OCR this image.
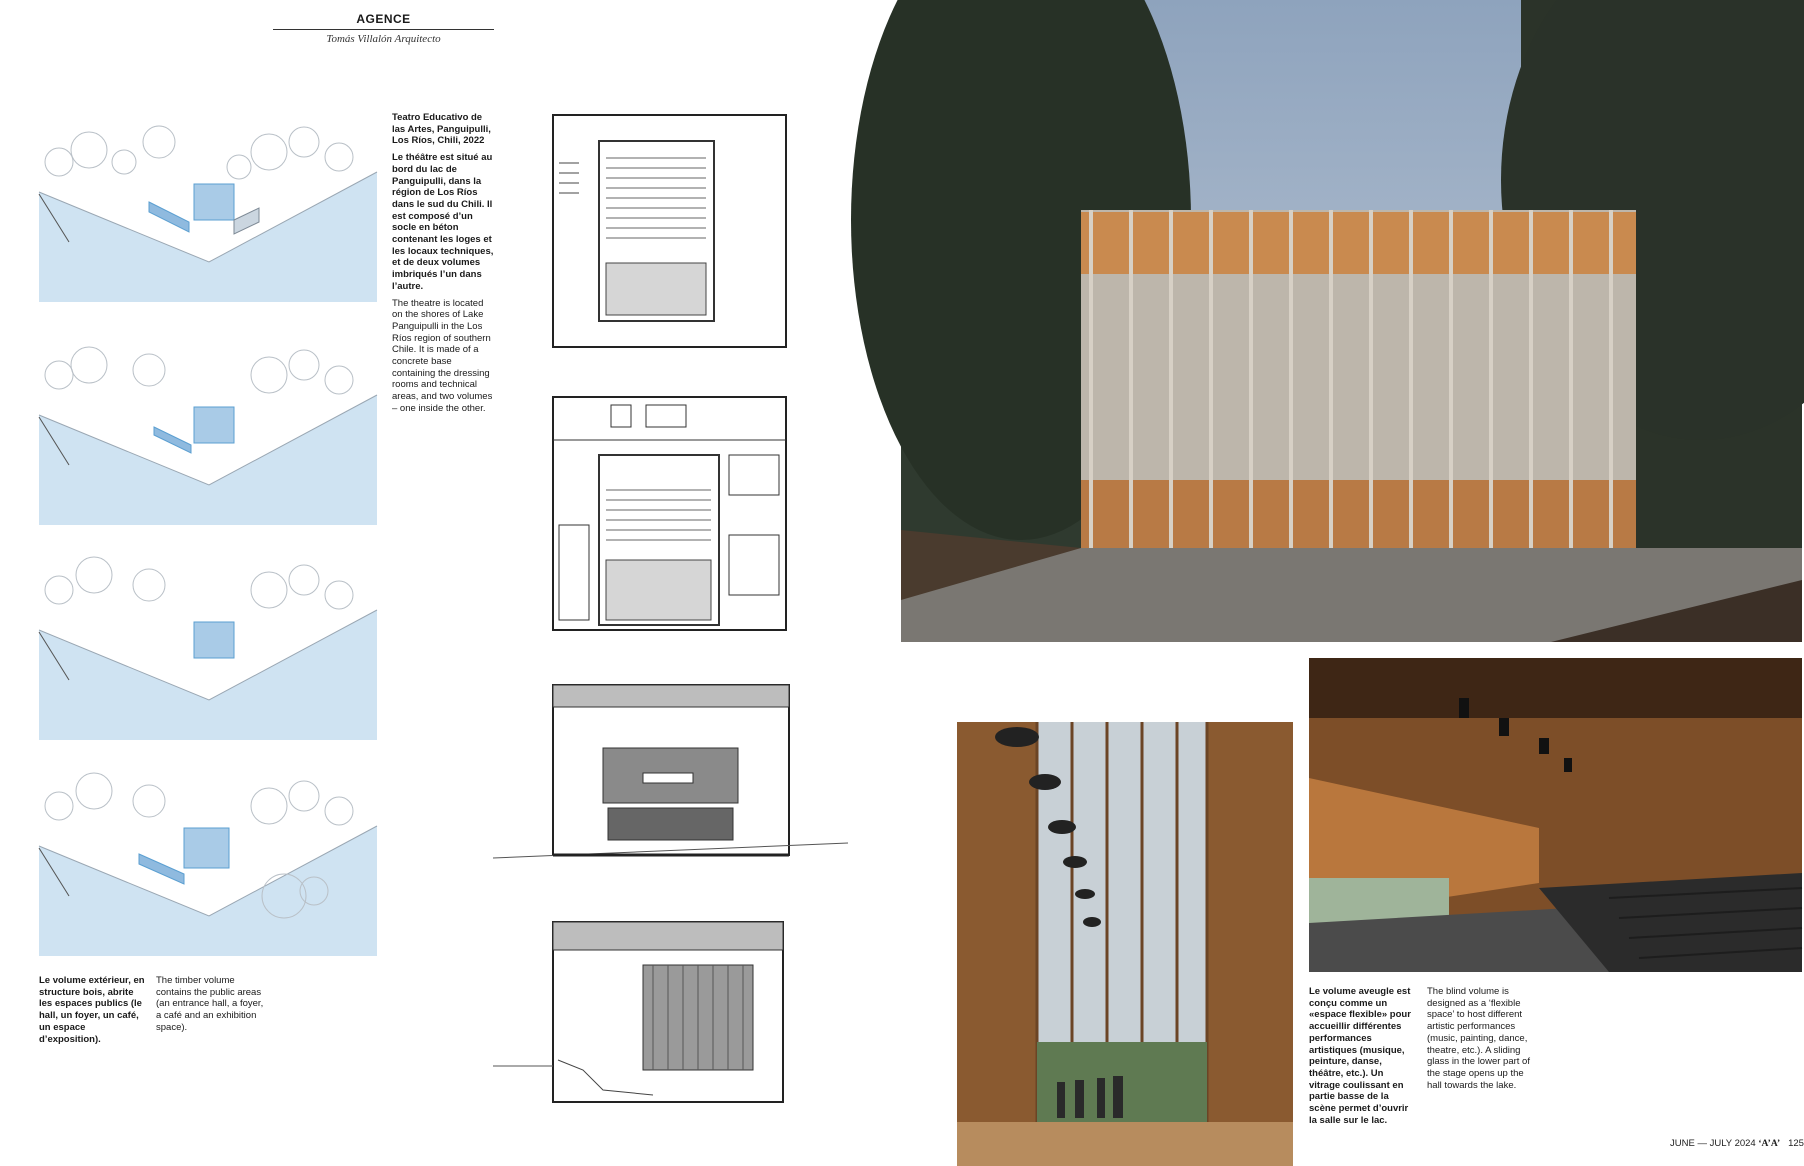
AGENCE
Tomás Villalón Arquitecto

Teatro Educativo de las Artes, Panguipulli, Los Ríos, Chili, 2022

Le théâtre est situé au bord du lac de Panguipulli, dans la région de Los Ríos dans le sud du Chili. Il est composé d’un socle en béton contenant les loges et les locaux techniques, et de deux volumes imbriqués l’un dans l’autre.

The theatre is located on the shores of Lake Panguipulli in the Los Ríos region of southern Chile. It is made of a concrete base containing the dressing rooms and technical areas, and two volumes – one inside the other.

Le volume extérieur, en structure bois, abrite les espaces publics (le hall, un foyer, un café, un espace d’exposition).

The timber volume contains the public areas (an entrance hall, a foyer, a café and an exhibition space).

Le volume aveugle est conçu comme un «espace flexible» pour accueillir différentes performances artistiques (musique, peinture, danse, théâtre, etc.). Un vitrage coulissant en partie basse de la scène permet d’ouvrir la salle sur le lac.

The blind volume is designed as a ‘flexible space’ to host different artistic performances (music, painting, dance, theatre, etc.). A sliding glass in the lower part of the stage opens up the hall towards the lake.

JUNE — JULY 2024 ‘A’A’ 125
